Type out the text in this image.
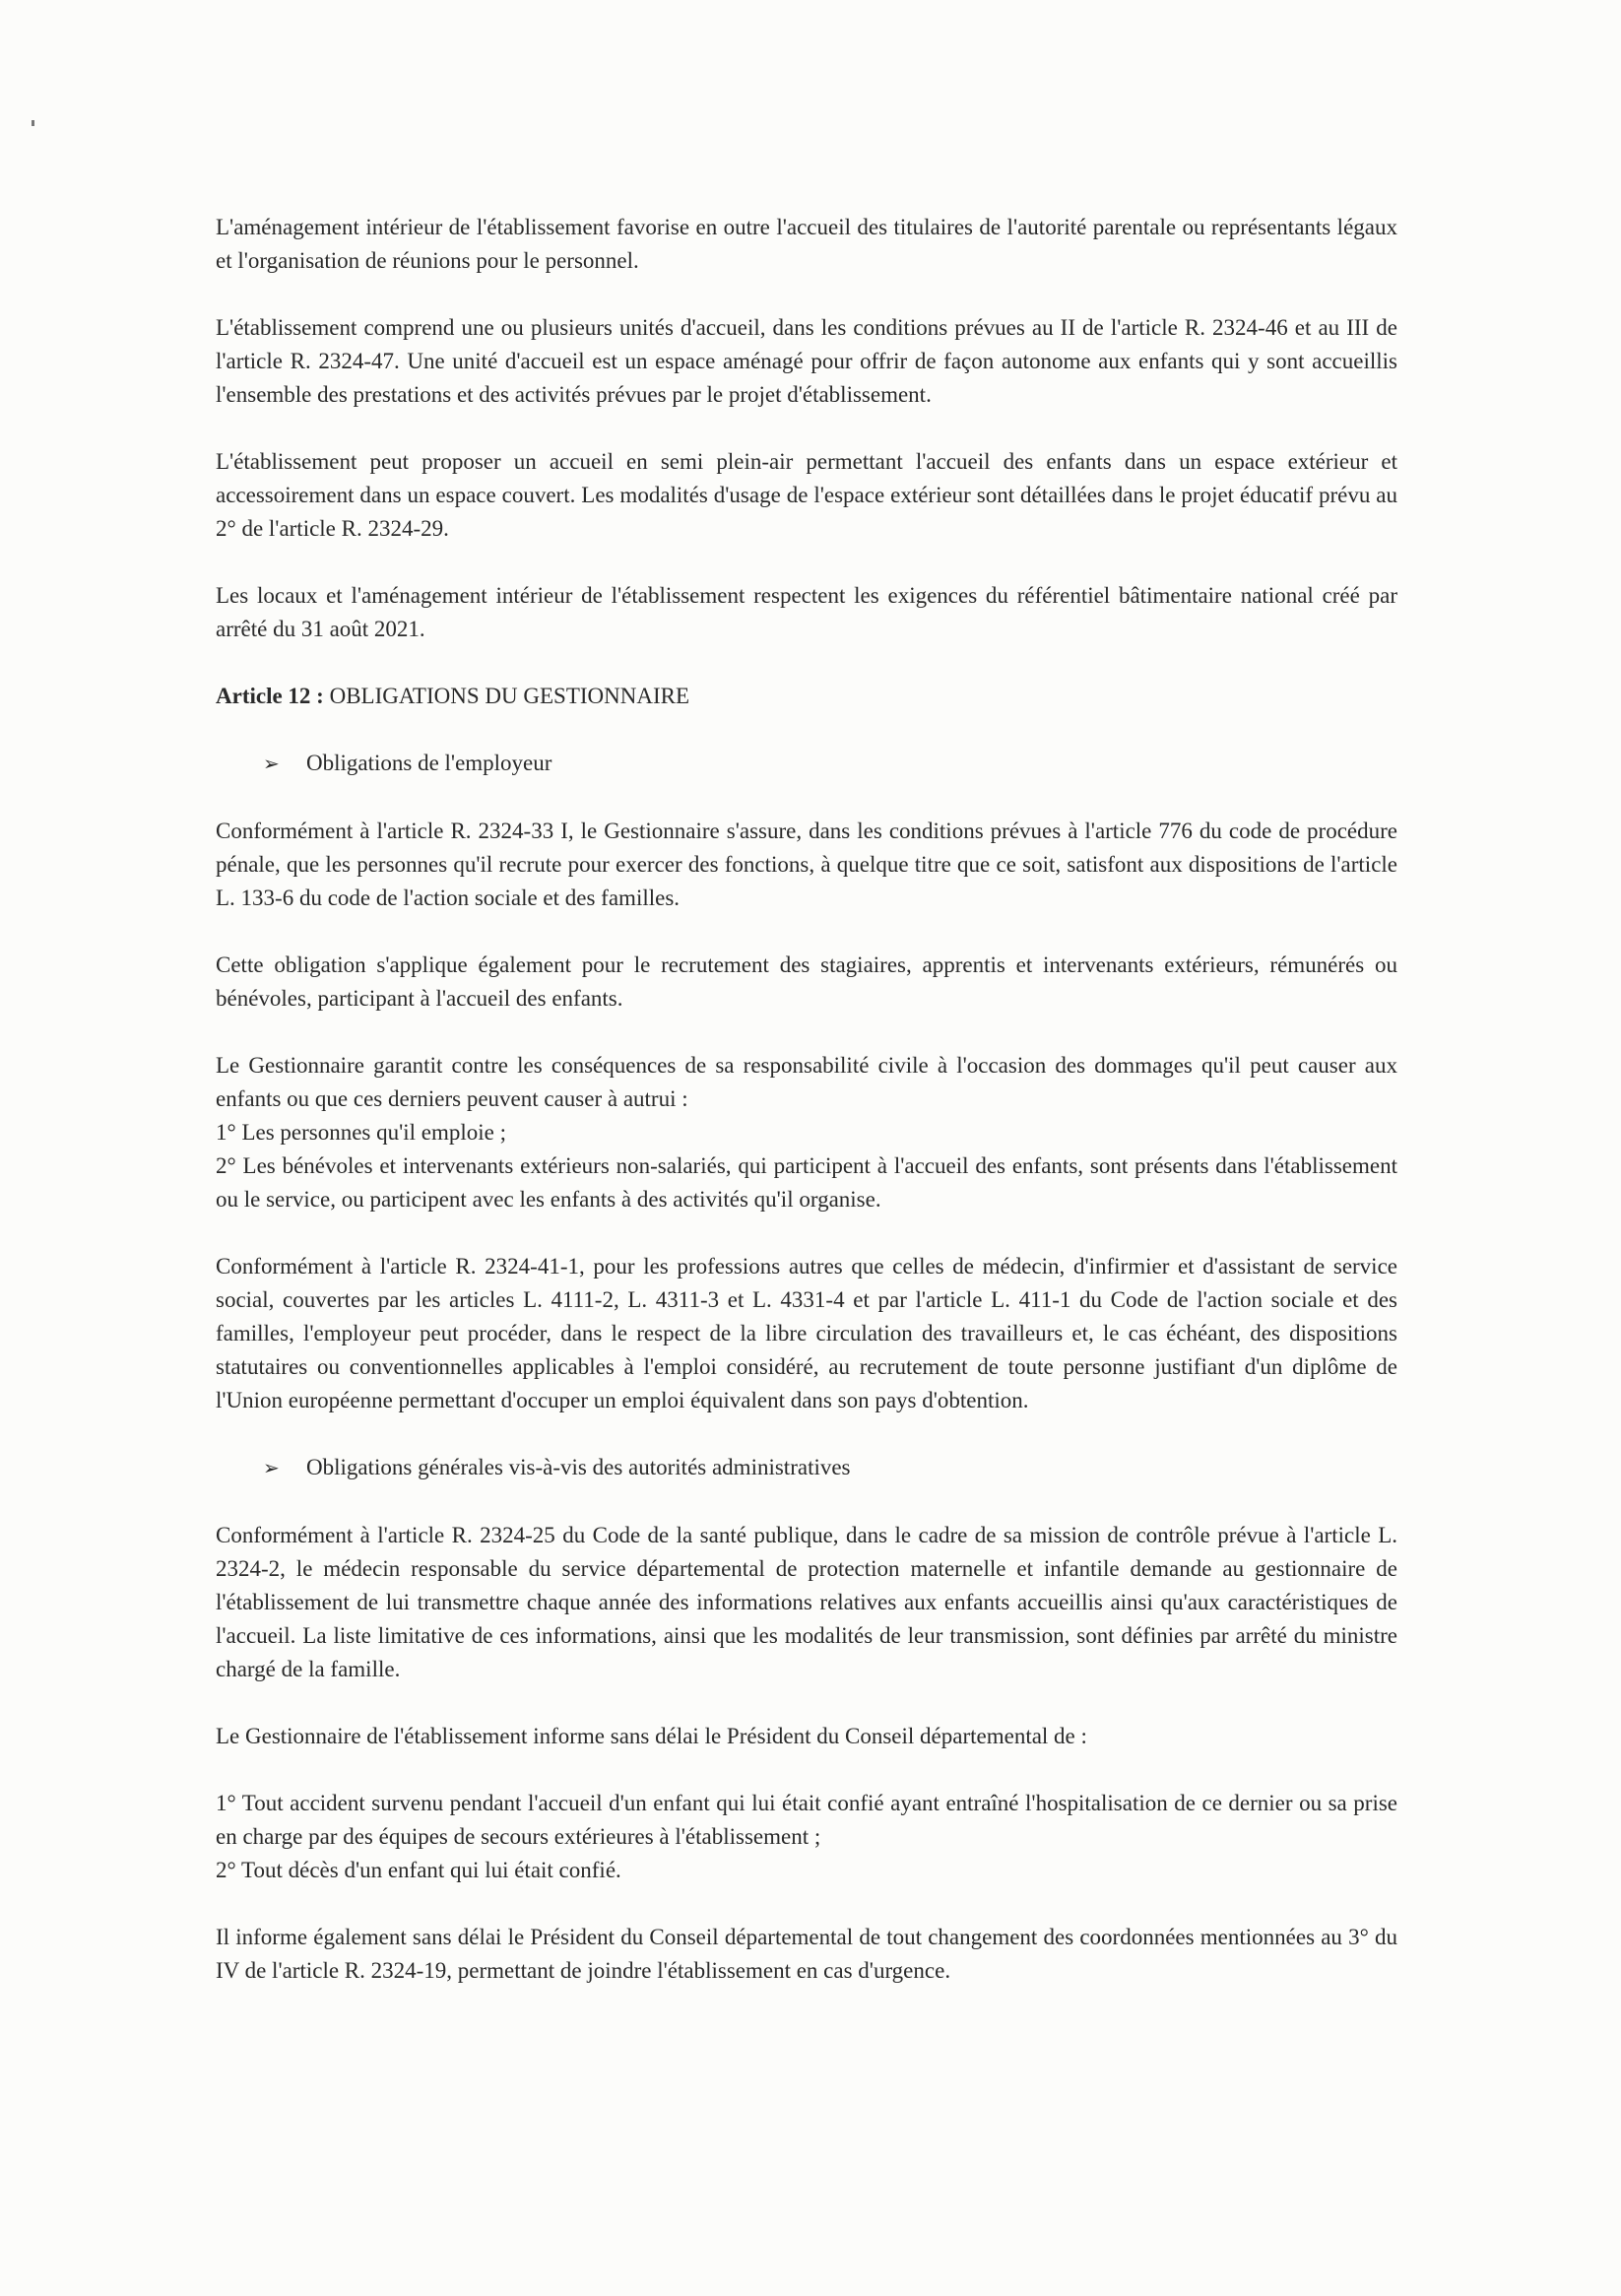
L'aménagement intérieur de l'établissement favorise en outre l'accueil des titulaires de l'autorité parentale ou représentants légaux et l'organisation de réunions pour le personnel.

L'établissement comprend une ou plusieurs unités d'accueil, dans les conditions prévues au II de l'article R. 2324-46 et au III de l'article R. 2324-47. Une unité d'accueil est un espace aménagé pour offrir de façon autonome aux enfants qui y sont accueillis l'ensemble des prestations et des activités prévues par le projet d'établissement.

L'établissement peut proposer un accueil en semi plein-air permettant l'accueil des enfants dans un espace extérieur et accessoirement dans un espace couvert. Les modalités d'usage de l'espace extérieur sont détaillées dans le projet éducatif prévu au 2° de l'article R. 2324-29.

Les locaux et l'aménagement intérieur de l'établissement respectent les exigences du référentiel bâtimentaire national créé par arrêté du 31 août 2021.

Article 12 : OBLIGATIONS DU GESTIONNAIRE
➢	Obligations de l'employeur

Conformément à l'article R. 2324-33 I, le Gestionnaire s'assure, dans les conditions prévues à l'article 776 du code de procédure pénale, que les personnes qu'il recrute pour exercer des fonctions, à quelque titre que ce soit, satisfont aux dispositions de l'article L. 133-6 du code de l'action sociale et des familles.

Cette obligation s'applique également pour le recrutement des stagiaires, apprentis et intervenants extérieurs, rémunérés ou bénévoles, participant à l'accueil des enfants.

Le Gestionnaire garantit contre les conséquences de sa responsabilité civile à l'occasion des dommages qu'il peut causer aux enfants ou que ces derniers peuvent causer à autrui :
1° Les personnes qu'il emploie ;
2° Les bénévoles et intervenants extérieurs non-salariés, qui participent à l'accueil des enfants, sont présents dans l'établissement ou le service, ou participent avec les enfants à des activités qu'il organise.

Conformément à l'article R. 2324-41-1, pour les professions autres que celles de médecin, d'infirmier et d'assistant de service social, couvertes par les articles L. 4111-2, L. 4311-3 et L. 4331-4 et par l'article L. 411-1 du Code de l'action sociale et des familles, l'employeur peut procéder, dans le respect de la libre circulation des travailleurs et, le cas échéant, des dispositions statutaires ou conventionnelles applicables à l'emploi considéré, au recrutement de toute personne justifiant d'un diplôme de l'Union européenne permettant d'occuper un emploi équivalent dans son pays d'obtention.

➢	Obligations générales vis-à-vis des autorités administratives

Conformément à l'article R. 2324-25 du Code de la santé publique, dans le cadre de sa mission de contrôle prévue à l'article L. 2324-2, le médecin responsable du service départemental de protection maternelle et infantile demande au gestionnaire de l'établissement de lui transmettre chaque année des informations relatives aux enfants accueillis ainsi qu'aux caractéristiques de l'accueil. La liste limitative de ces informations, ainsi que les modalités de leur transmission, sont définies par arrêté du ministre chargé de la famille.

Le Gestionnaire de l'établissement informe sans délai le Président du Conseil départemental de :

1° Tout accident survenu pendant l'accueil d'un enfant qui lui était confié ayant entraîné l'hospitalisation de ce dernier ou sa prise en charge par des équipes de secours extérieures à l'établissement ;
2° Tout décès d'un enfant qui lui était confié.

Il informe également sans délai le Président du Conseil départemental de tout changement des coordonnées mentionnées au 3° du IV de l'article R. 2324-19, permettant de joindre l'établissement en cas d'urgence.
